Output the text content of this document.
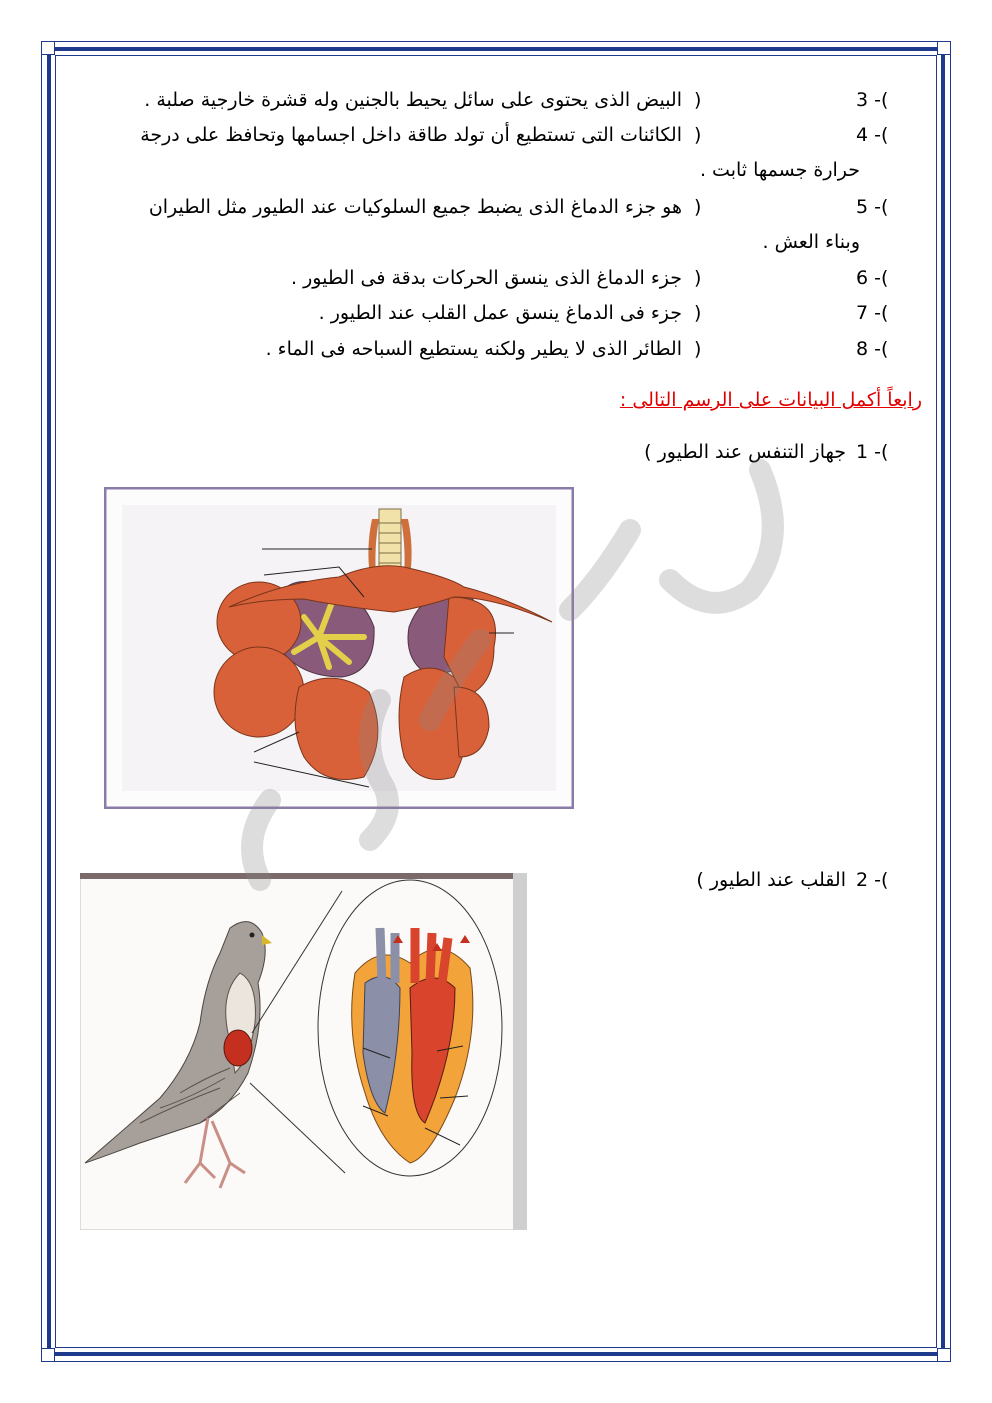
3 -(
)
البيض الذى يحتوى على سائل يحيط بالجنين وله قشرة خارجية صلبة .
4 -(
)
الكائنات التى تستطيع أن تولد طاقة داخل اجسامها وتحافظ على درجة
حرارة جسمها ثابت .
5 -(
)
هو جزء الدماغ الذى يضبط جميع السلوكيات عند الطيور مثل الطيران
وبناء العش .
6 -(
)
جزء الدماغ الذى ينسق الحركات بدقة فى الطيور .
7 -(
)
جزء فى الدماغ ينسق عمل القلب عند الطيور .
8 -(
)
الطائر الذى لا يطير ولكنه يستطيع السباحه فى الماء .
رابعاً أكمل البيانات على الرسم التالى :
1 -(
جهاز التنفس عند الطيور )
2 -(
القلب عند الطيور )
